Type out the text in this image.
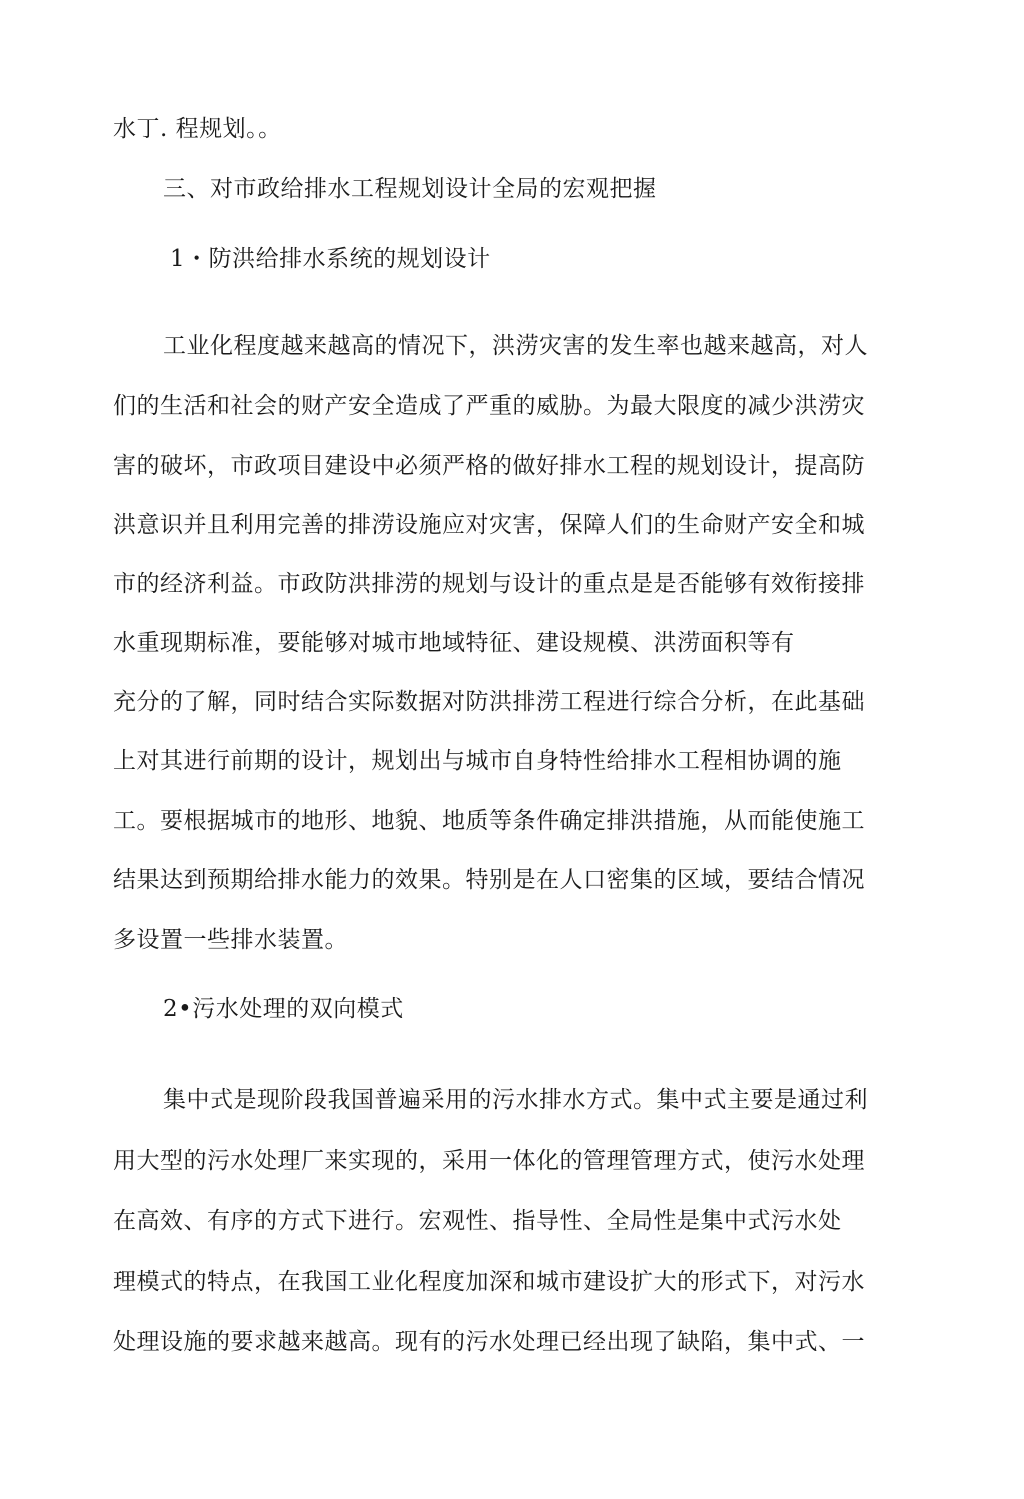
水丁. 程规划。。
三、对市政给排水工程规划设计全局的宏观把握
1・防洪给排水系统的规划设计
工业化程度越来越高的情况下，洪涝灾害的发生率也越来越高，对人
们的生活和社会的财产安全造成了严重的威胁。为最大限度的减少洪涝灾
害的破坏，市政项目建设中必须严格的做好排水工程的规划设计，提高防
洪意识并且利用完善的排涝设施应对灾害，保障人们的生命财产安全和城
市的经济利益。市政防洪排涝的规划与设计的重点是是否能够有效衔接排
水重现期标准，要能够对城市地域特征、建设规模、洪涝面积等有
充分的了解，同时结合实际数据对防洪排涝工程进行综合分析，在此基础
上对其进行前期的设计，规划出与城市自身特性给排水工程相协调的施
工。要根据城市的地形、地貌、地质等条件确定排洪措施，从而能使施工
结果达到预期给排水能力的效果。特别是在人口密集的区域，要结合情况
多设置一些排水装置。
2•污水处理的双向模式
集中式是现阶段我国普遍采用的污水排水方式。集中式主要是通过利
用大型的污水处理厂来实现的，采用一体化的管理管理方式，使污水处理
在高效、有序的方式下进行。宏观性、指导性、全局性是集中式污水处
理模式的特点，在我国工业化程度加深和城市建设扩大的形式下，对污水
处理设施的要求越来越高。现有的污水处理已经出现了缺陷，集中式、一
